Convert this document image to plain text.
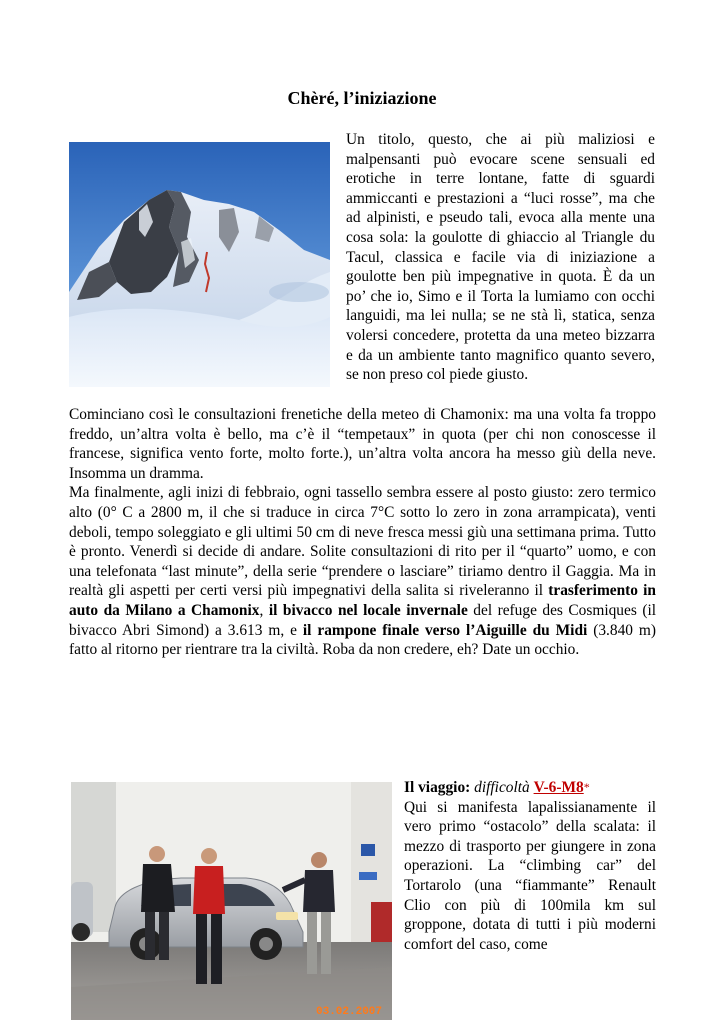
Chèré, l’iniziazione

Un titolo, questo, che ai più maliziosi e malpensanti può evocare scene sensuali ed erotiche in terre lontane, fatte di sguardi ammiccanti e prestazioni a “luci rosse”, ma che ad alpinisti, e pseudo tali, evoca alla mente una cosa sola: la goulotte di ghiaccio al Triangle du Tacul, classica e facile via di iniziazione a goulotte ben più impegnative in quota. È da un po’ che io, Simo e il Torta la lumiamo con occhi languidi, ma lei nulla; se ne stà lì, statica, senza volersi concedere, protetta da una meteo bizzarra e da un ambiente tanto magnifico quanto severo, se non preso col piede giusto.

Cominciano così le consultazioni frenetiche della meteo di Chamonix: ma una volta fa troppo freddo, un’altra volta è bello, ma c’è il “tempetaux” in quota (per chi non conoscesse il francese, significa vento forte, molto forte.), un’altra volta ancora ha messo giù della neve. Insomma un dramma.

Ma finalmente, agli inizi di febbraio, ogni tassello sembra essere al posto giusto: zero termico alto (0° C a 2800 m, il che si traduce in circa 7°C sotto lo zero in zona arrampicata), venti deboli, tempo soleggiato e gli ultimi 50 cm di neve fresca messi giù una settimana prima. Tutto è pronto. Venerdì si decide di andare. Solite consultazioni di rito per il “quarto” uomo, e con una telefonata “last minute”, della serie “prendere o lasciare” tiriamo dentro il Gaggia. Ma in realtà gli aspetti per certi versi più impegnativi della salita si riveleranno il trasferimento in auto da Milano a Chamonix, il bivacco nel locale invernale del refuge des Cosmiques (il bivacco Abri Simond) a 3.613 m, e il rampone finale verso l’Aiguille du Midi (3.840 m) fatto al ritorno per rientrare tra la civiltà. Roba da non credere, eh? Date un occhio.

03.02.2007

Il viaggio: difficoltà V-6-M8*

Qui si manifesta lapalissianamente il vero primo “ostacolo” della scalata: il mezzo di trasporto per giungere in zona operazioni. La “climbing car” del Tortarolo (una “fiammante” Renault Clio con più di 100mila km sul groppone, dotata di tutti i più moderni comfort del caso, come
